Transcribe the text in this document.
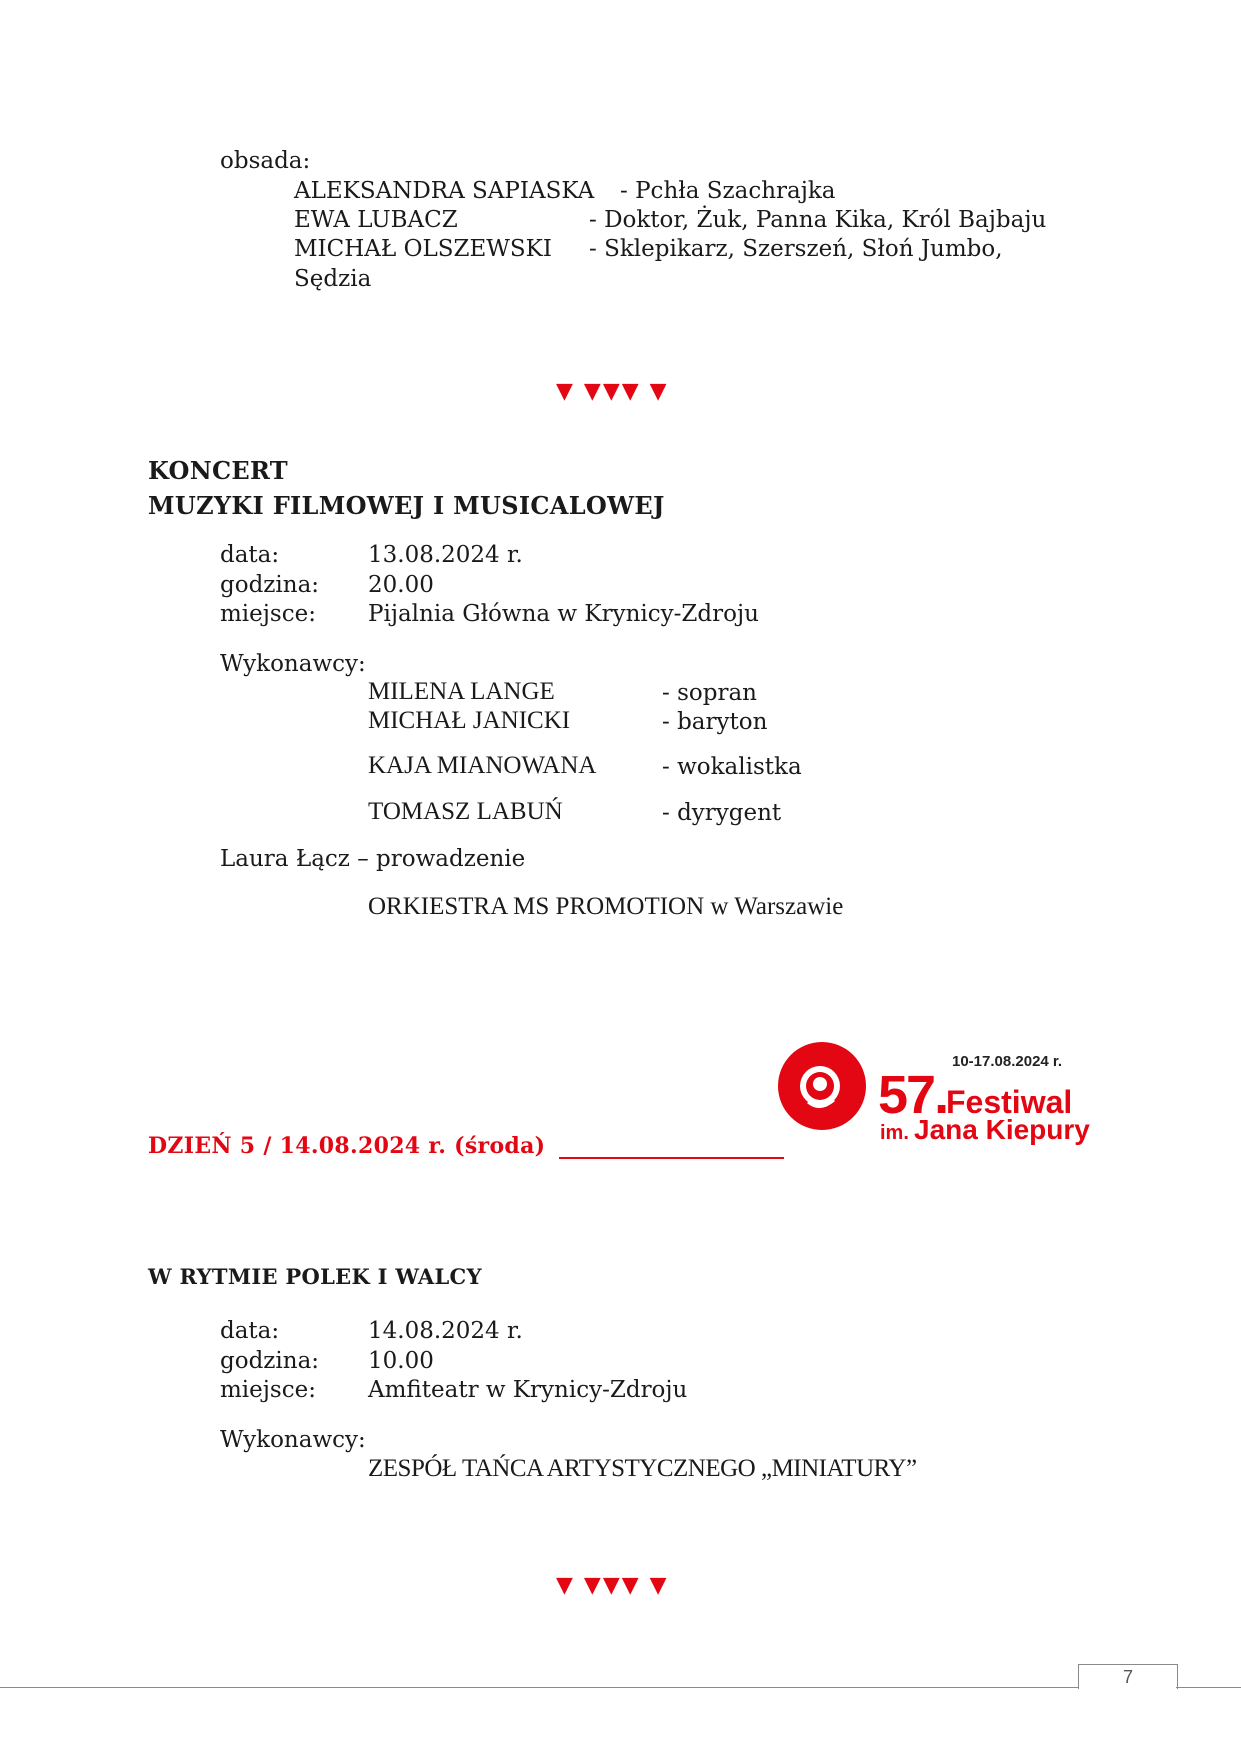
obsada:
ALEKSANDRA SAPIASKA - Pchła Szachrajka
EWA LUBACZ	- Doktor, Żuk, Panna Kika, Król Bajbaju
MICHAŁ OLSZEWSKI - Sklepikarz, Szerszeń, Słoń Jumbo,
Sędzia
▼ ▼▼▼ ▼
KONCERT
MUZYKI FILMOWEJ I MUSICALOWEJ
data:	13.08.2024 r.
godzina: 20.00
miejsce: Pijalnia Główna w Krynicy-Zdroju
Wykonawcy:
MILENA LANGE	- sopran
MICHAŁ JANICKI	- baryton
KAJA MIANOWANA	- wokalistka
TOMASZ LABUŃ	- dyrygent
Laura Łącz – prowadzenie
ORKIESTRA MS PROMOTION w Warszawie
10-17.08.2024 r.
57.
Festiwal
im. Jana Kiepury
DZIEŃ 5 / 14.08.2024 r. (środa)
W RYTMIE POLEK I WALCY
data:	14.08.2024 r.
godzina: 10.00
miejsce: Amfiteatr w Krynicy-Zdroju
Wykonawcy:
ZESPÓŁ TAŃCA ARTYSTYCZNEGO „MINIATURY”
▼ ▼▼▼ ▼
7
